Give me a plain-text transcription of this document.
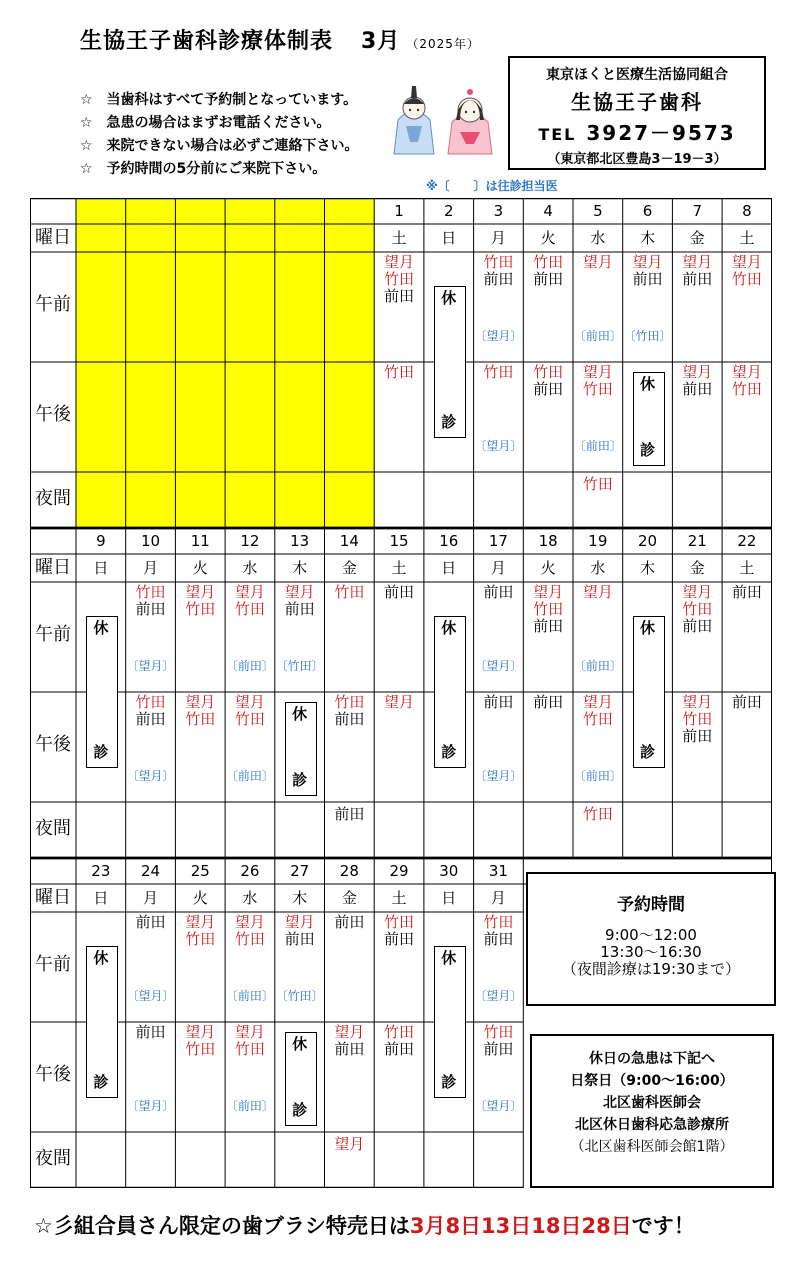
生協王子歯科診療体制表 3月 （2025年）
☆　当歯科はすべて予約制となっています。
☆　急患の場合はまずお電話ください。
☆　来院できない場合は必ずご連絡下さい。
☆　予約時間の5分前にご来院下さい。
東京ほくと医療生活協同組合
生協王子歯科
TEL 3927－9573
（東京都北区豊島3－19－3）
※〔　　〕は往診担当医
曜日
午前
午後
夜間
1
土
望月
竹田
前田
竹田
2
日
休
診
3
月
竹田
前田
〔望月〕
竹田
〔望月〕
4
火
竹田
前田
竹田
前田
5
水
望月
〔前田〕
望月
竹田
〔前田〕
竹田
6
木
望月
前田
〔竹田〕
休
診
7
金
望月
前田
望月
前田
8
土
望月
竹田
望月
竹田
曜日
午前
午後
夜間
9
日
休
診
10
月
竹田
前田
〔望月〕
竹田
前田
〔望月〕
11
火
望月
竹田
望月
竹田
12
水
望月
竹田
〔前田〕
望月
竹田
〔前田〕
13
木
望月
前田
〔竹田〕
休
診
14
金
竹田
竹田
前田
前田
15
土
前田
望月
16
日
休
診
17
月
前田
〔望月〕
前田
〔望月〕
18
火
望月
竹田
前田
前田
19
水
望月
〔前田〕
望月
竹田
〔前田〕
竹田
20
木
休
診
21
金
望月
竹田
前田
望月
竹田
前田
22
土
前田
前田
曜日
午前
午後
夜間
23
日
休
診
24
月
前田
〔望月〕
前田
〔望月〕
25
火
望月
竹田
望月
竹田
26
水
望月
竹田
〔前田〕
望月
竹田
〔前田〕
27
木
望月
前田
〔竹田〕
休
診
28
金
前田
望月
前田
望月
29
土
竹田
前田
竹田
前田
30
日
休
診
31
月
竹田
前田
〔望月〕
竹田
前田
〔望月〕
予約時間
9:00～12:00
13:30～16:30
（夜間診療は19:30まで）
休日の急患は下記へ
日祭日（9:00～16:00）
北区歯科医師会
北区休日歯科応急診療所
（北区歯科医師会館1階）
☆彡組合員さん限定の歯ブラシ特売日は3月8日13日18日28日です！
